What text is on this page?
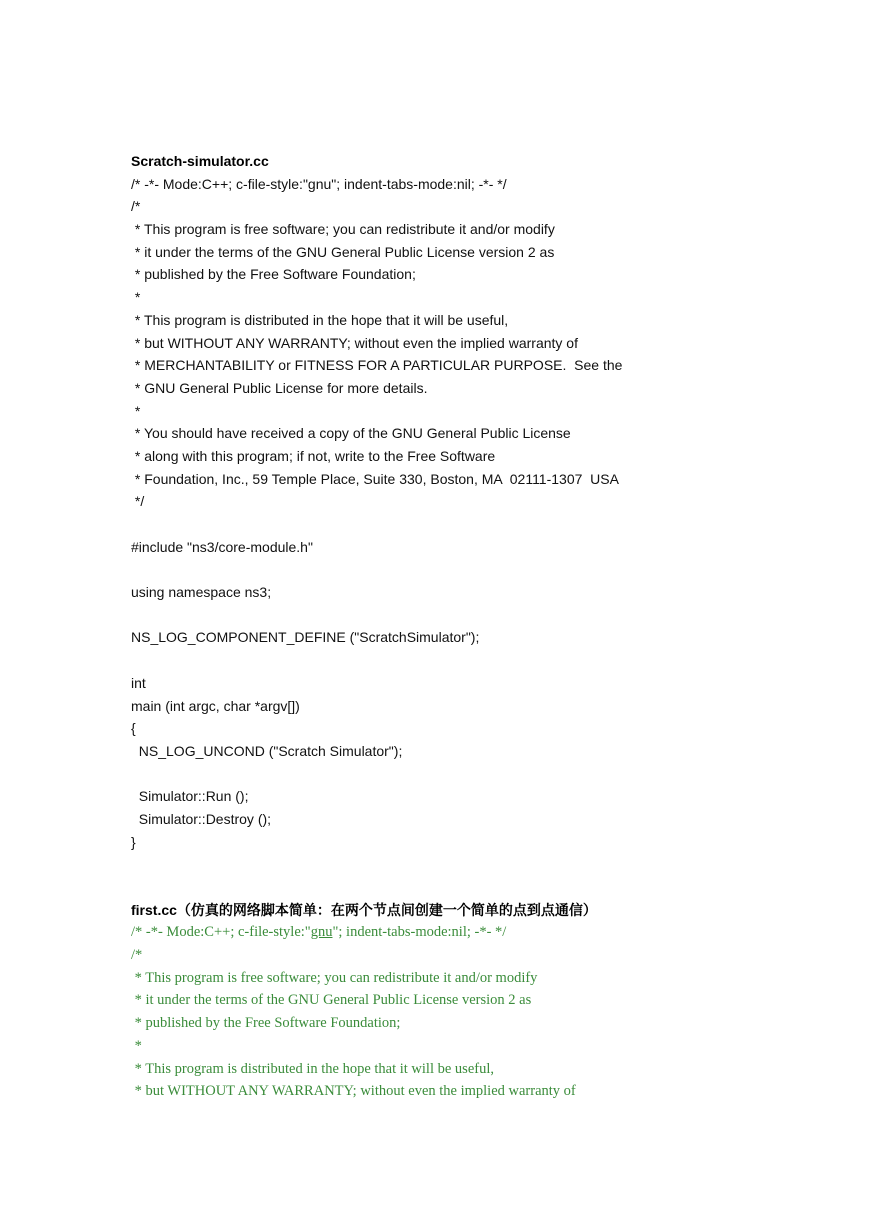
Scratch-simulator.cc
/* -*- Mode:C++; c-file-style:"gnu"; indent-tabs-mode:nil; -*- */
/*
* This program is free software; you can redistribute it and/or modify
* it under the terms of the GNU General Public License version 2 as
* published by the Free Software Foundation;
*
* This program is distributed in the hope that it will be useful,
* but WITHOUT ANY WARRANTY; without even the implied warranty of
* MERCHANTABILITY or FITNESS FOR A PARTICULAR PURPOSE.  See the
* GNU General Public License for more details.
*
* You should have received a copy of the GNU General Public License
* along with this program; if not, write to the Free Software
* Foundation, Inc., 59 Temple Place, Suite 330, Boston, MA  02111-1307  USA
*/
#include "ns3/core-module.h"
using namespace ns3;
NS_LOG_COMPONENT_DEFINE ("ScratchSimulator");
int
main (int argc, char *argv[])
{
NS_LOG_UNCOND ("Scratch Simulator");
Simulator::Run ();
Simulator::Destroy ();
}
first.cc（仿真的网络脚本简单：在两个节点间创建一个简单的点到点通信）
/* -*- Mode:C++; c-file-style:"gnu"; indent-tabs-mode:nil; -*- */
/*
* This program is free software; you can redistribute it and/or modify
* it under the terms of the GNU General Public License version 2 as
* published by the Free Software Foundation;
*
* This program is distributed in the hope that it will be useful,
* but WITHOUT ANY WARRANTY; without even the implied warranty of
